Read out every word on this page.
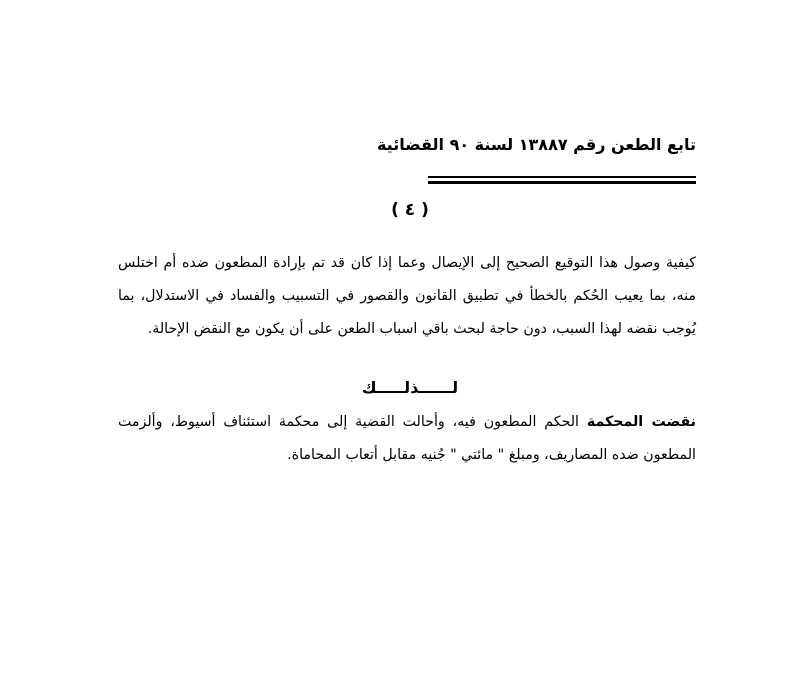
تابع الطعن رقم ١٣٨٨٧ لسنة ٩٠ القضائية
( ٤ )

كيفية وصول هذا التوقيع الصحيح إلى الإيصال وعما إذا كان قد تم بإرادة المطعون ضده أم اختلس منه، بما يعيب الحُكم بالخطأ في تطبيق القانون والقصور في التسبيب والفساد في الاستدلال، بما يُوجب نقضه لهذا السبب، دون حاجة لبحث باقي اسباب الطعن على أن يكون مع النقض الإحالة.

لــــــذلـــــك

نقضت المحكمة الحكم المطعون فيه، وأحالت القضية إلى محكمة استئناف أسيوط، وألزمت المطعون ضده المصاريف، ومبلغ " مائتي " جُنيه مقابل أتعاب المحاماة.
